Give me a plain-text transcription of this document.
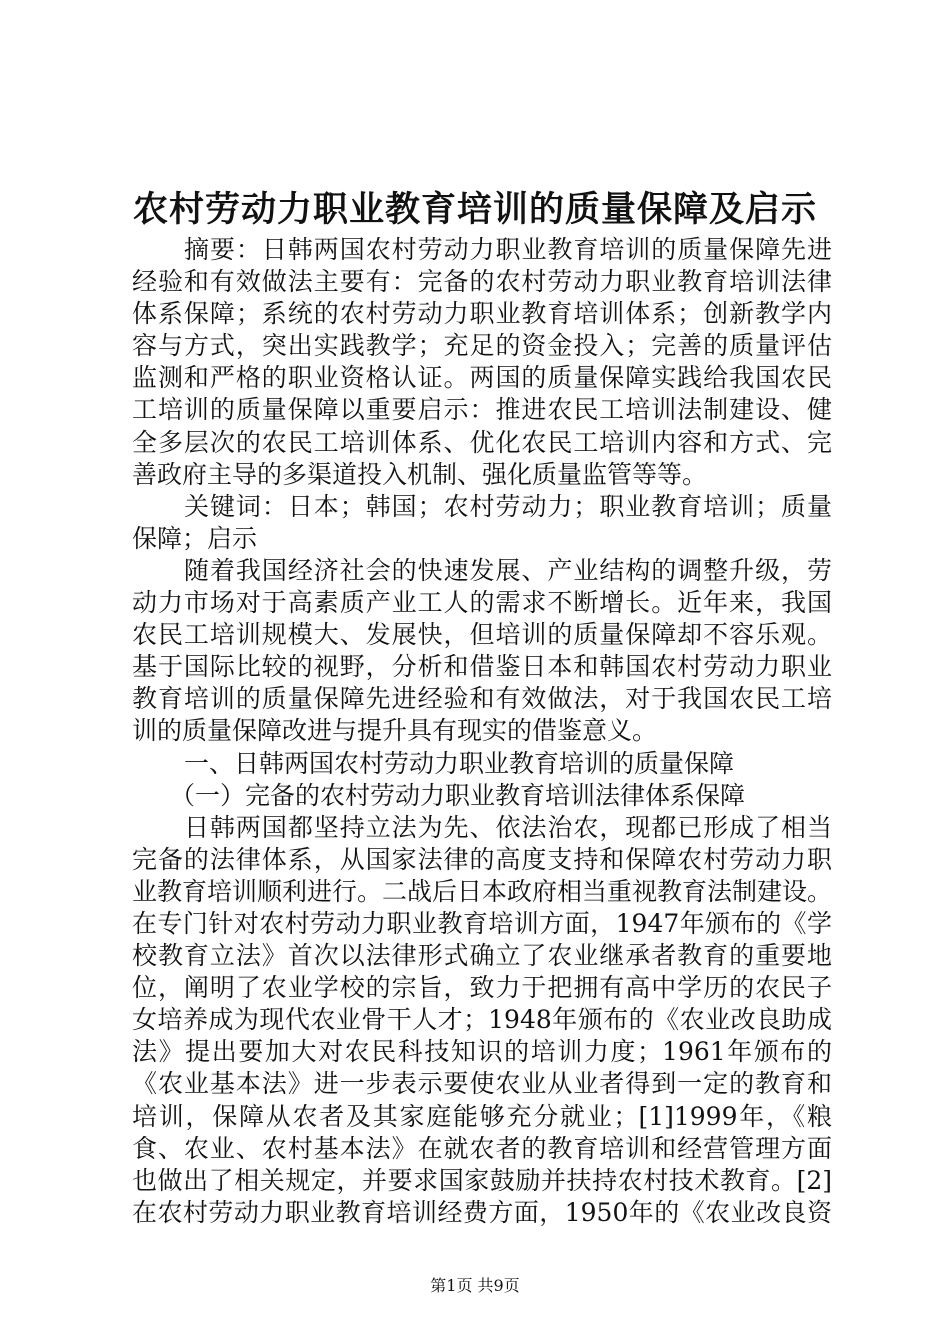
农村劳动力职业教育培训的质量保障及启示
摘要：日韩两国农村劳动力职业教育培训的质量保障先进
经验和有效做法主要有：完备的农村劳动力职业教育培训法律
体系保障；系统的农村劳动力职业教育培训体系；创新教学内
容与方式，突出实践教学；充足的资金投入；完善的质量评估
监测和严格的职业资格认证。两国的质量保障实践给我国农民
工培训的质量保障以重要启示：推进农民工培训法制建设、健
全多层次的农民工培训体系、优化农民工培训内容和方式、完
善政府主导的多渠道投入机制、强化质量监管等等。
关键词：日本；韩国；农村劳动力；职业教育培训；质量
保障；启示
随着我国经济社会的快速发展、产业结构的调整升级，劳
动力市场对于高素质产业工人的需求不断增长。近年来，我国
农民工培训规模大、发展快，但培训的质量保障却不容乐观。
基于国际比较的视野，分析和借鉴日本和韩国农村劳动力职业
教育培训的质量保障先进经验和有效做法，对于我国农民工培
训的质量保障改进与提升具有现实的借鉴意义。
一、日韩两国农村劳动力职业教育培训的质量保障
（一）完备的农村劳动力职业教育培训法律体系保障
日韩两国都坚持立法为先、依法治农，现都已形成了相当
完备的法律体系，从国家法律的高度支持和保障农村劳动力职
业教育培训顺利进行。二战后日本政府相当重视教育法制建设。
在专门针对农村劳动力职业教育培训方面，1947年颁布的《学
校教育立法》首次以法律形式确立了农业继承者教育的重要地
位，阐明了农业学校的宗旨，致力于把拥有高中学历的农民子
女培养成为现代农业骨干人才；1948年颁布的《农业改良助成
法》提出要加大对农民科技知识的培训力度；1961年颁布的
《农业基本法》进一步表示要使农业从业者得到一定的教育和
培训，保障从农者及其家庭能够充分就业；[1]1999年，《粮
食、农业、农村基本法》在就农者的教育培训和经营管理方面
也做出了相关规定，并要求国家鼓励并扶持农村技术教育。[2]
在农村劳动力职业教育培训经费方面，1950年的《农业改良资
第1页 共9页
